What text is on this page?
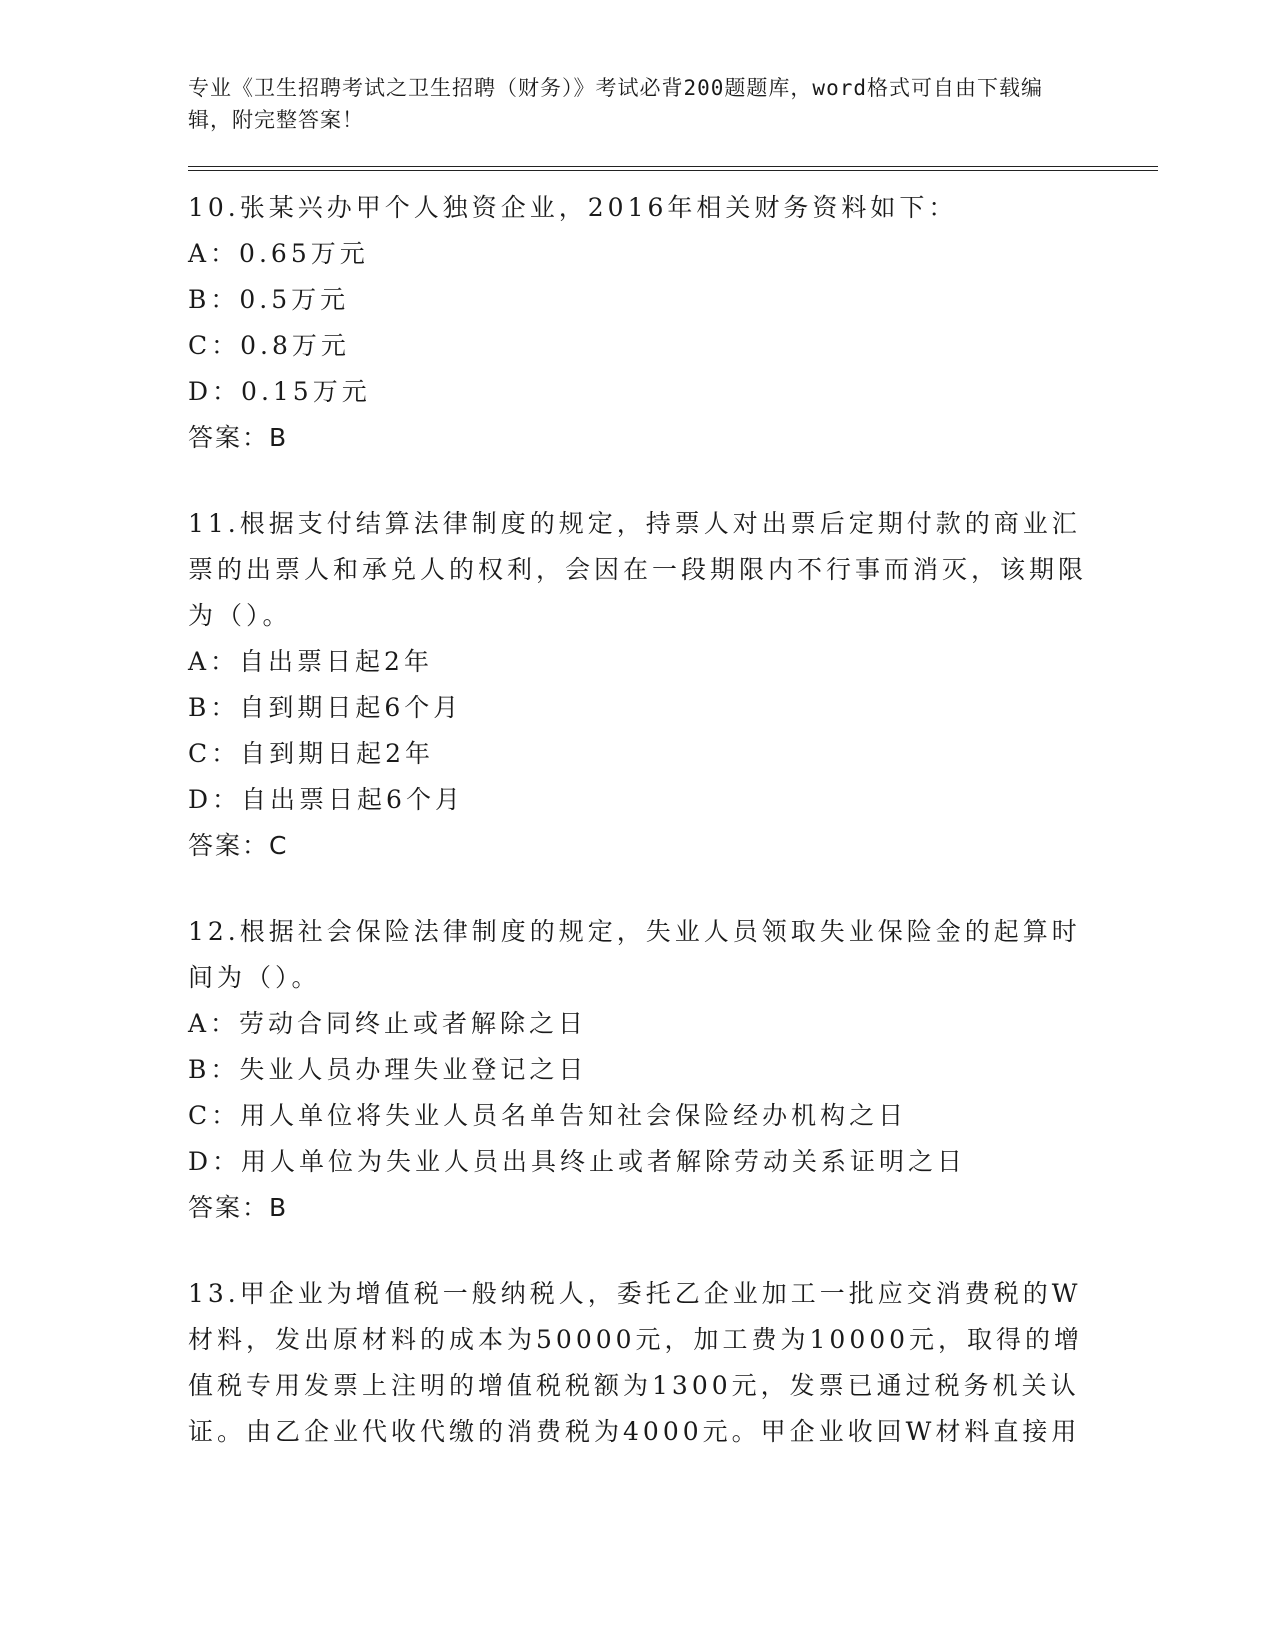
专业《卫生招聘考试之卫生招聘（财务）》考试必背200题题库，word格式可自由下载编辑，附完整答案！

10.张某兴办甲个人独资企业，2016年相关财务资料如下：

A：0.65万元

B：0.5万元

C：0.8万元

D：0.15万元

答案：B

11.根据支付结算法律制度的规定，持票人对出票后定期付款的商业汇票的出票人和承兑人的权利，会因在一段期限内不行事而消灭，该期限为（）。

A：自出票日起2年

B：自到期日起6个月

C：自到期日起2年

D：自出票日起6个月

答案：C

12.根据社会保险法律制度的规定，失业人员领取失业保险金的起算时间为（）。

A：劳动合同终止或者解除之日

B：失业人员办理失业登记之日

C：用人单位将失业人员名单告知社会保险经办机构之日

D：用人单位为失业人员出具终止或者解除劳动关系证明之日

答案：B

13.甲企业为增值税一般纳税人，委托乙企业加工一批应交消费税的W材料，发出原材料的成本为50000元，加工费为10000元，取得的增值税专用发票上注明的增值税税额为1300元，发票已通过税务机关认证。由乙企业代收代缴的消费税为4000元。甲企业收回W材料直接用
